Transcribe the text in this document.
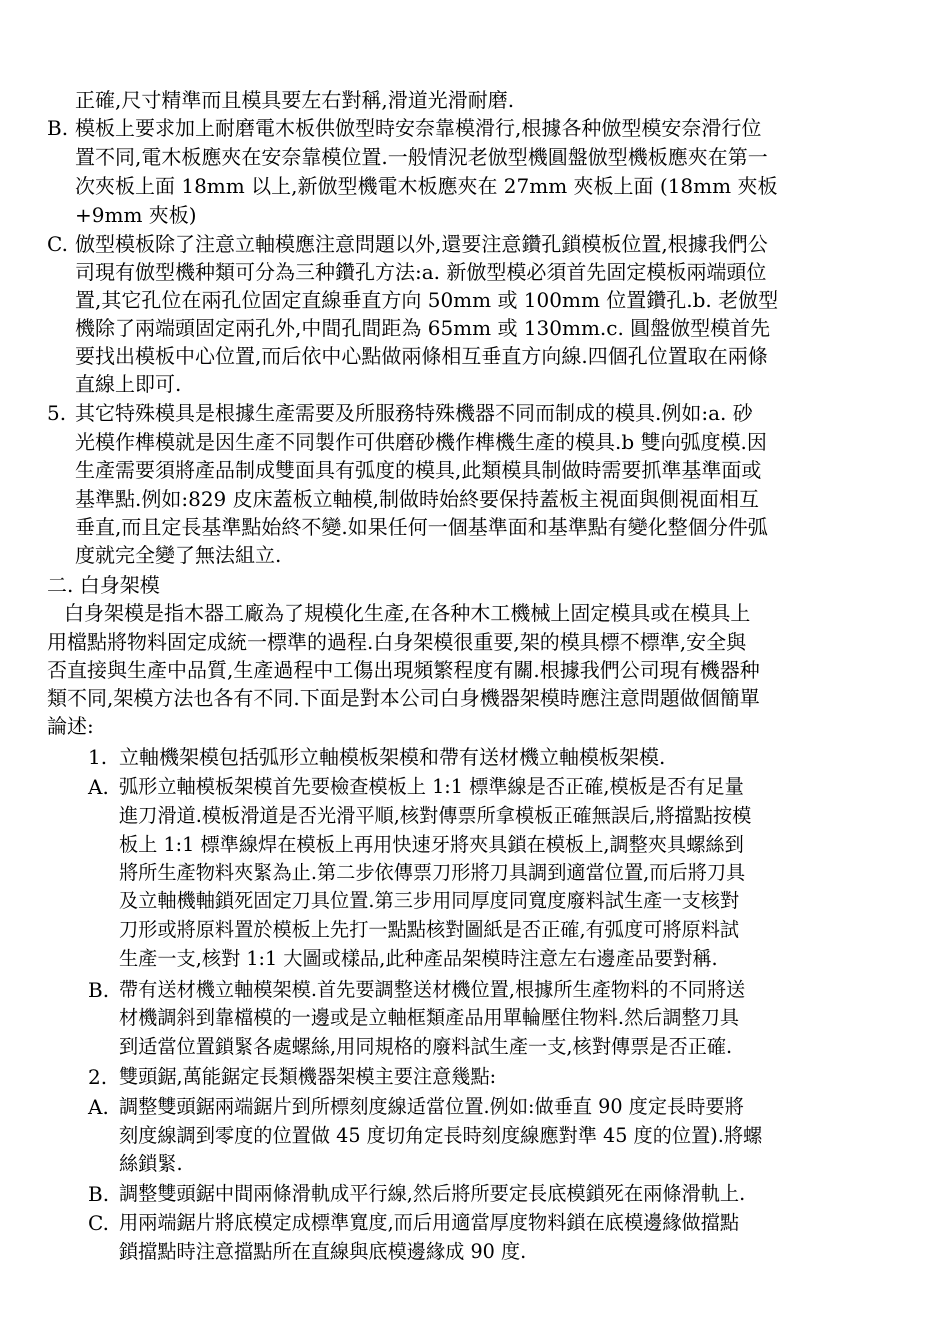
正確,尺寸精準而且模具要左右對稱,滑道光滑耐磨.
B. 模板上要求加上耐磨電木板供倣型時安奈靠模滑行,根據各种倣型模安奈滑行位
置不同,電木板應夾在安奈靠模位置.一般情況老倣型機圓盤倣型機板應夾在第一
次夾板上面 18mm 以上,新倣型機電木板應夾在 27mm 夾板上面 (18mm 夾板
+9mm 夾板)
C. 倣型模板除了注意立軸模應注意問題以外,還要注意鑽孔鎖模板位置,根據我們公
司現有倣型機种類可分為三种鑽孔方法:a. 新倣型模必須首先固定模板兩端頭位
置,其它孔位在兩孔位固定直線垂直方向 50mm 或 100mm 位置鑽孔.b. 老倣型
機除了兩端頭固定兩孔外,中間孔間距為 65mm 或 130mm.c. 圓盤倣型模首先
要找出模板中心位置,而后依中心點做兩條相互垂直方向線.四個孔位置取在兩條
直線上即可.
5. 其它特殊模具是根據生產需要及所服務特殊機器不同而制成的模具.例如:a. 砂
光模作榫模就是因生產不同製作可供磨砂機作榫機生產的模具.b 雙向弧度模.因
生產需要須將產品制成雙面具有弧度的模具,此類模具制做時需要抓準基準面或
基準點.例如:829 皮床蓋板立軸模,制做時始終要保持蓋板主視面與側視面相互
垂直,而且定長基準點始終不變.如果任何一個基準面和基準點有變化整個分件弧
度就完全變了無法組立.
二. 白身架模
白身架模是指木器工廠為了規模化生產,在各种木工機械上固定模具或在模具上
用檔點將物料固定成統一標準的過程.白身架模很重要,架的模具標不標準,安全與
否直接與生產中品質,生產過程中工傷出現頻繁程度有關.根據我們公司現有機器种
類不同,架模方法也各有不同.下面是對本公司白身機器架模時應注意問題做個簡單
論述:
1. 立軸機架模包括弧形立軸模板架模和帶有送材機立軸模板架模.
A. 弧形立軸模板架模首先要檢查模板上 1:1 標準線是否正確,模板是否有足量
進刀滑道.模板滑道是否光滑平順,核對傳票所拿模板正確無誤后,將擋點按模
板上 1:1 標準線焊在模板上再用快速牙將夾具鎖在模板上,調整夾具螺絲到
將所生產物料夾緊為止.第二步依傳票刀形將刀具調到適當位置,而后將刀具
及立軸機軸鎖死固定刀具位置.第三步用同厚度同寬度廢料試生產一支核對
刀形或將原料置於模板上先打一點點核對圖紙是否正確,有弧度可將原料試
生產一支,核對 1:1 大圖或樣品,此种產品架模時注意左右邊產品要對稱.
B. 帶有送材機立軸模架模.首先要調整送材機位置,根據所生產物料的不同將送
材機調斜到靠檔模的一邊或是立軸框類產品用單輪壓住物料.然后調整刀具
到适當位置鎖緊各處螺絲,用同規格的廢料試生產一支,核對傳票是否正確.
2. 雙頭鋸,萬能鋸定長類機器架模主要注意幾點:
A. 調整雙頭鋸兩端鋸片到所標刻度線适當位置.例如:做垂直 90 度定長時要將
刻度線調到零度的位置做 45 度切角定長時刻度線應對準 45 度的位置).將螺
絲鎖緊.
B. 調整雙頭鋸中間兩條滑軌成平行線,然后將所要定長底模鎖死在兩條滑軌上.
C. 用兩端鋸片將底模定成標準寬度,而后用適當厚度物料鎖在底模邊緣做擋點
鎖擋點時注意擋點所在直線與底模邊緣成 90 度.
